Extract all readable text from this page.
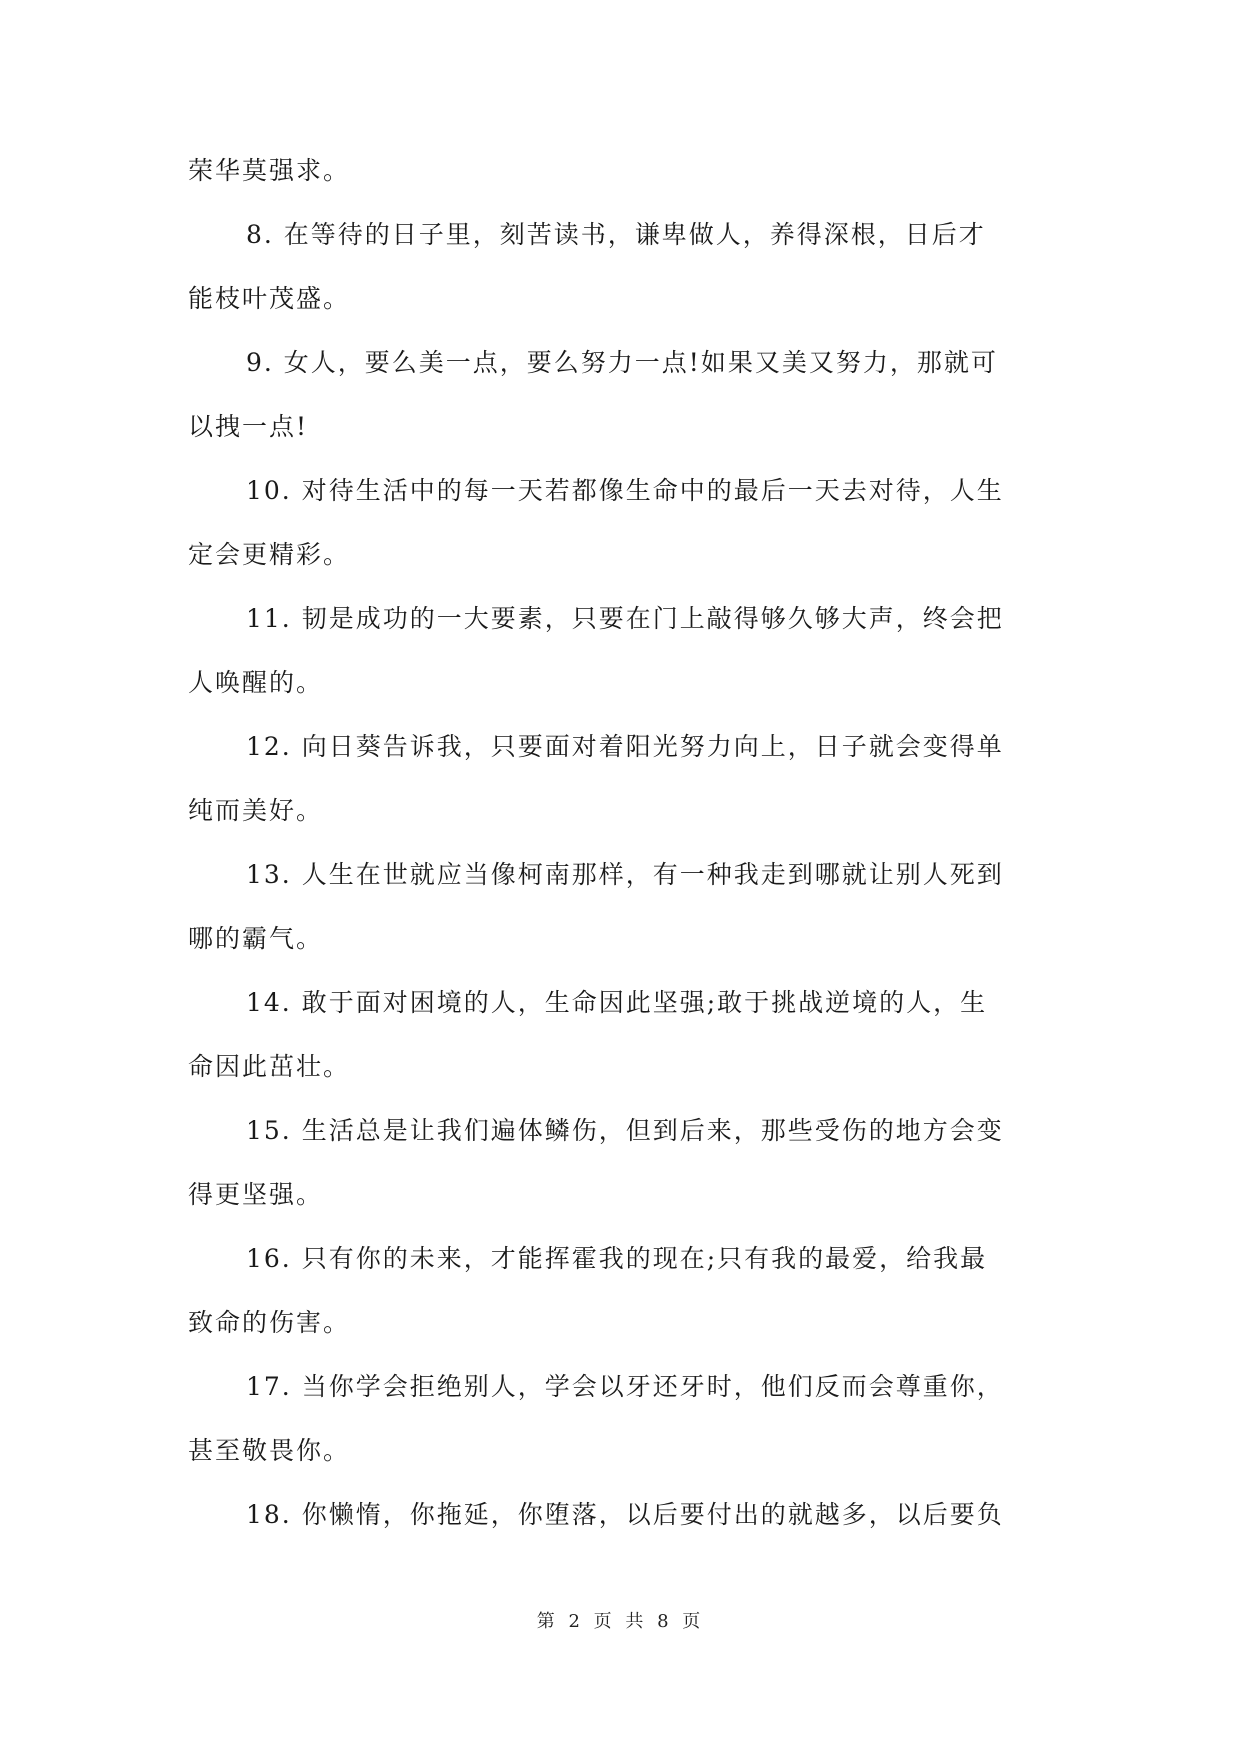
荣华莫强求。
8. 在等待的日子里，刻苦读书，谦卑做人，养得深根，日后才
能枝叶茂盛。
9. 女人，要么美一点，要么努力一点!如果又美又努力，那就可
以拽一点!
10. 对待生活中的每一天若都像生命中的最后一天去对待，人生
定会更精彩。
11. 韧是成功的一大要素，只要在门上敲得够久够大声，终会把
人唤醒的。
12. 向日葵告诉我，只要面对着阳光努力向上，日子就会变得单
纯而美好。
13. 人生在世就应当像柯南那样，有一种我走到哪就让别人死到
哪的霸气。
14. 敢于面对困境的人，生命因此坚强;敢于挑战逆境的人，生
命因此茁壮。
15. 生活总是让我们遍体鳞伤，但到后来，那些受伤的地方会变
得更坚强。
16. 只有你的未来，才能挥霍我的现在;只有我的最爱，给我最
致命的伤害。
17. 当你学会拒绝别人，学会以牙还牙时，他们反而会尊重你，
甚至敬畏你。
18. 你懒惰，你拖延，你堕落，以后要付出的就越多，以后要负
第 2 页 共 8 页
